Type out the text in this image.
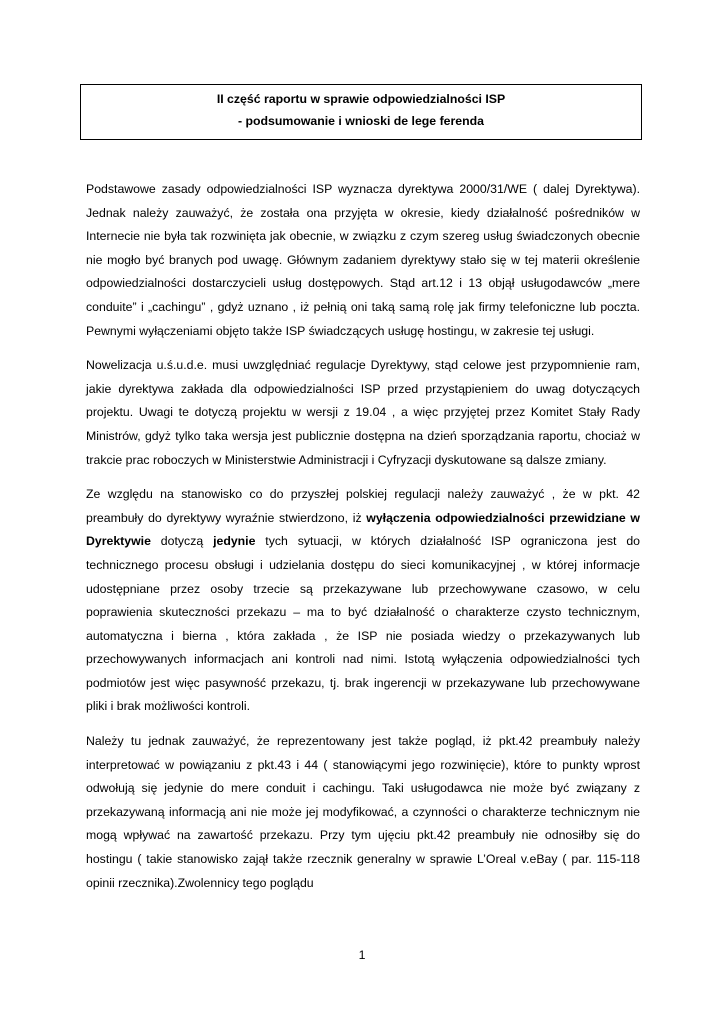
II część raportu w sprawie odpowiedzialności ISP
- podsumowanie i wnioski de lege ferenda

Podstawowe zasady odpowiedzialności ISP wyznacza dyrektywa 2000/31/WE ( dalej Dyrektywa). Jednak należy zauważyć, że została ona przyjęta w okresie, kiedy działalność pośredników w Internecie nie była tak rozwinięta jak obecnie, w związku z czym szereg usług świadczonych obecnie nie mogło być branych pod uwagę. Głównym zadaniem dyrektywy stało się w tej materii określenie odpowiedzialności dostarczycieli usług dostępowych. Stąd art.12 i 13 objął usługodawców „mere conduite” i „cachingu” , gdyż uznano , iż pełnią oni taką samą rolę jak firmy telefoniczne lub poczta. Pewnymi wyłączeniami objęto także ISP świadczących usługę hostingu, w zakresie tej usługi.

Nowelizacja u.ś.u.d.e. musi uwzględniać regulacje Dyrektywy, stąd celowe jest przypomnienie ram, jakie dyrektywa zakłada dla odpowiedzialności ISP przed przystąpieniem do uwag dotyczących projektu. Uwagi te dotyczą projektu w wersji z 19.04 , a więc przyjętej przez Komitet Stały Rady Ministrów, gdyż tylko taka wersja jest publicznie dostępna na dzień sporządzania raportu, chociaż w trakcie prac roboczych w Ministerstwie Administracji i Cyfryzacji dyskutowane są dalsze zmiany.

Ze względu na stanowisko co do przyszłej polskiej regulacji należy zauważyć , że w pkt. 42 preambuły do dyrektywy wyraźnie stwierdzono, iż wyłączenia odpowiedzialności przewidziane w Dyrektywie dotyczą jedynie tych sytuacji, w których działalność ISP ograniczona jest do technicznego procesu obsługi i udzielania dostępu do sieci komunikacyjnej , w której informacje udostępniane przez osoby trzecie są przekazywane lub przechowywane czasowo, w celu poprawienia skuteczności przekazu – ma to być działalność o charakterze czysto technicznym, automatyczna i bierna , która zakłada , że ISP nie posiada wiedzy o przekazywanych lub przechowywanych informacjach ani kontroli nad nimi. Istotą wyłączenia odpowiedzialności tych podmiotów jest więc pasywność przekazu, tj. brak ingerencji w przekazywane lub przechowywane pliki i brak możliwości kontroli.

Należy tu jednak zauważyć, że reprezentowany jest także pogląd, iż pkt.42 preambuły należy interpretować w powiązaniu z pkt.43 i 44 ( stanowiącymi jego rozwinięcie), które to punkty wprost odwołują się jedynie do mere conduit i cachingu. Taki usługodawca nie może być związany z przekazywaną informacją ani nie może jej modyfikować, a czynności o charakterze technicznym nie mogą wpływać na zawartość przekazu. Przy tym ujęciu pkt.42 preambuły nie odnosiłby się do hostingu ( takie stanowisko zajął także rzecznik generalny w sprawie L’Oreal v.eBay ( par. 115-118 opinii rzecznika).Zwolennicy tego poglądu

1
